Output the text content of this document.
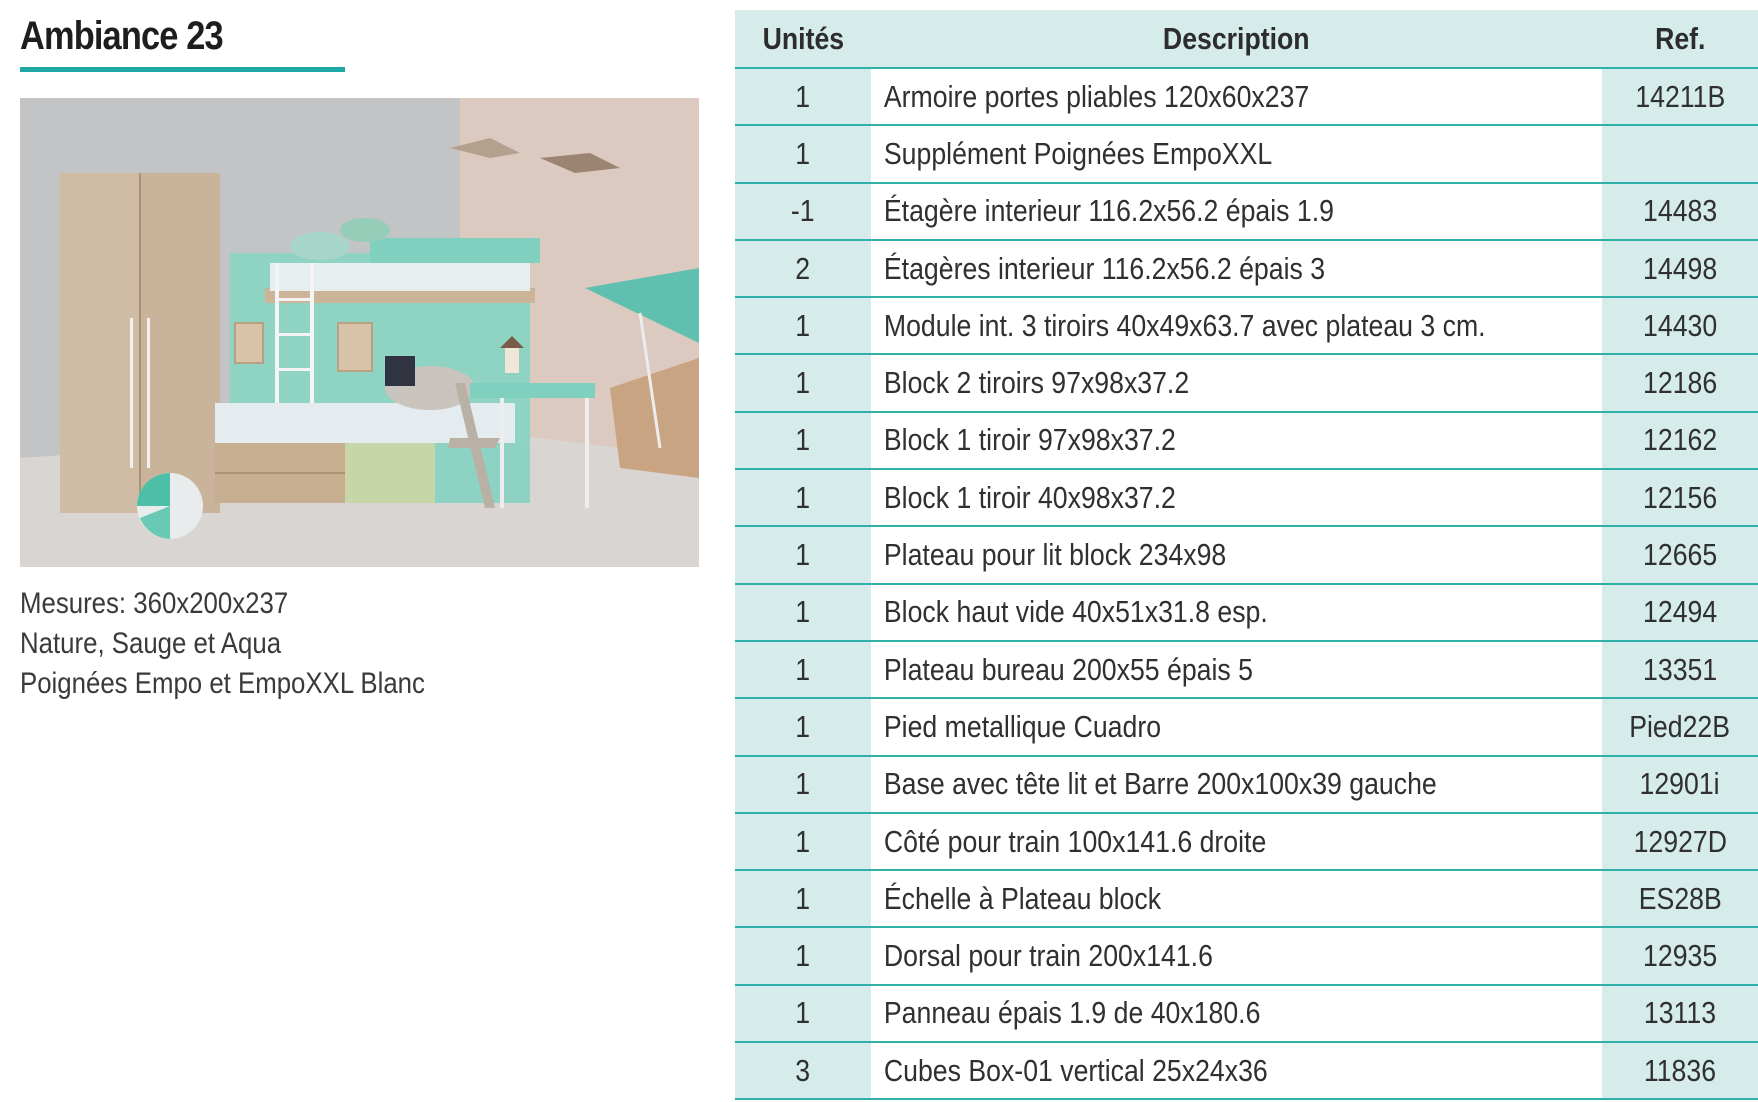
Ambiance 23
Mesures: 360x200x237
Nature, Sauge et Aqua
Poignées Empo et EmpoXXL Blanc
Unités	Description	Ref.
1	Armoire portes pliables 120x60x237	14211B
1	Supplément Poignées EmpoXXL	
-1	Étagère interieur 116.2x56.2 épais 1.9	14483
2	Étagères interieur 116.2x56.2 épais 3	14498
1	Module int. 3 tiroirs 40x49x63.7 avec plateau 3 cm.	14430
1	Block 2 tiroirs 97x98x37.2	12186
1	Block 1 tiroir 97x98x37.2	12162
1	Block 1 tiroir 40x98x37.2	12156
1	Plateau pour lit block 234x98	12665
1	Block haut vide 40x51x31.8 esp.	12494
1	Plateau bureau 200x55 épais 5	13351
1	Pied metallique Cuadro	Pied22B
1	Base avec tête lit et Barre 200x100x39 gauche	12901i
1	Côté pour train 100x141.6 droite	12927D
1	Échelle à Plateau block	ES28B
1	Dorsal pour train 200x141.6	12935
1	Panneau épais 1.9 de 40x180.6	13113
3	Cubes Box-01 vertical 25x24x36	11836
